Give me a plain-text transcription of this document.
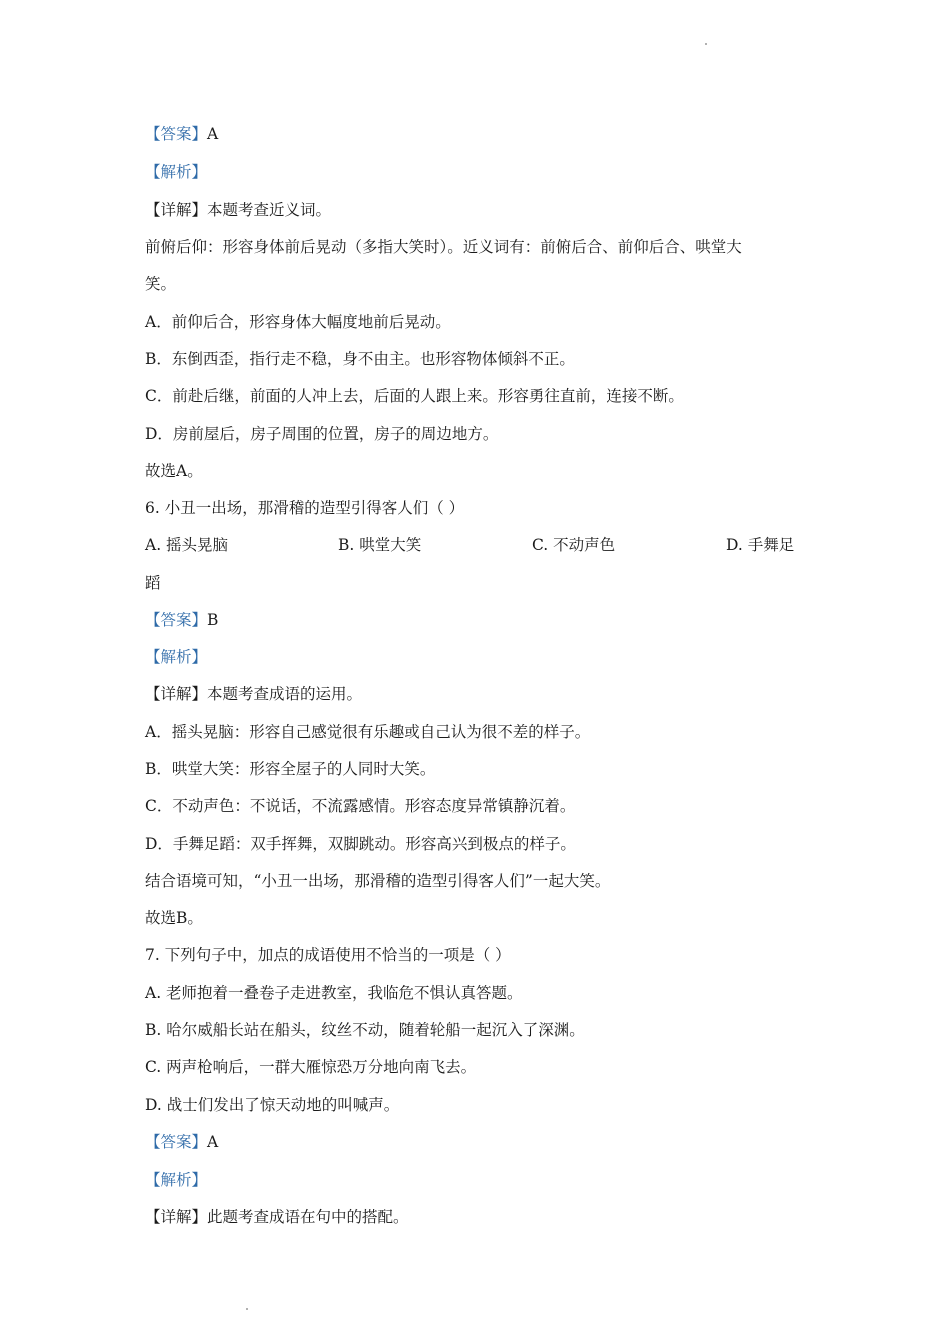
【答案】A
【解析】
【详解】本题考查近义词。
前俯后仰：形容身体前后晃动（多指大笑时）。近义词有：前俯后合、前仰后合、哄堂大
笑。
A．前仰后合，形容身体大幅度地前后晃动。
B．东倒西歪，指行走不稳，身不由主。也形容物体倾斜不正。
C．前赴后继，前面的人冲上去，后面的人跟上来。形容勇往直前，连接不断。
D．房前屋后，房子周围的位置，房子的周边地方。
故选A。
6. 小丑一出场，那滑稽的造型引得客人们（ ）
A. 摇头晃脑	B. 哄堂大笑	C. 不动声色	D. 手舞足
蹈
【答案】B
【解析】
【详解】本题考查成语的运用。
A．摇头晃脑：形容自己感觉很有乐趣或自己认为很不差的样子。
B．哄堂大笑：形容全屋子的人同时大笑。
C．不动声色：不说话，不流露感情。形容态度异常镇静沉着。
D．手舞足蹈：双手挥舞，双脚跳动。形容高兴到极点的样子。
结合语境可知，“小丑一出场，那滑稽的造型引得客人们”一起大笑。
故选B。
7. 下列句子中，加点的成语使用不恰当的一项是（ ）
A. 老师抱着一叠卷子走进教室，我临危不惧认真答题。
B. 哈尔威船长站在船头，纹丝不动，随着轮船一起沉入了深渊。
C. 两声枪响后，一群大雁惊恐万分地向南飞去。
D. 战士们发出了惊天动地的叫喊声。
【答案】A
【解析】
【详解】此题考查成语在句中的搭配。
